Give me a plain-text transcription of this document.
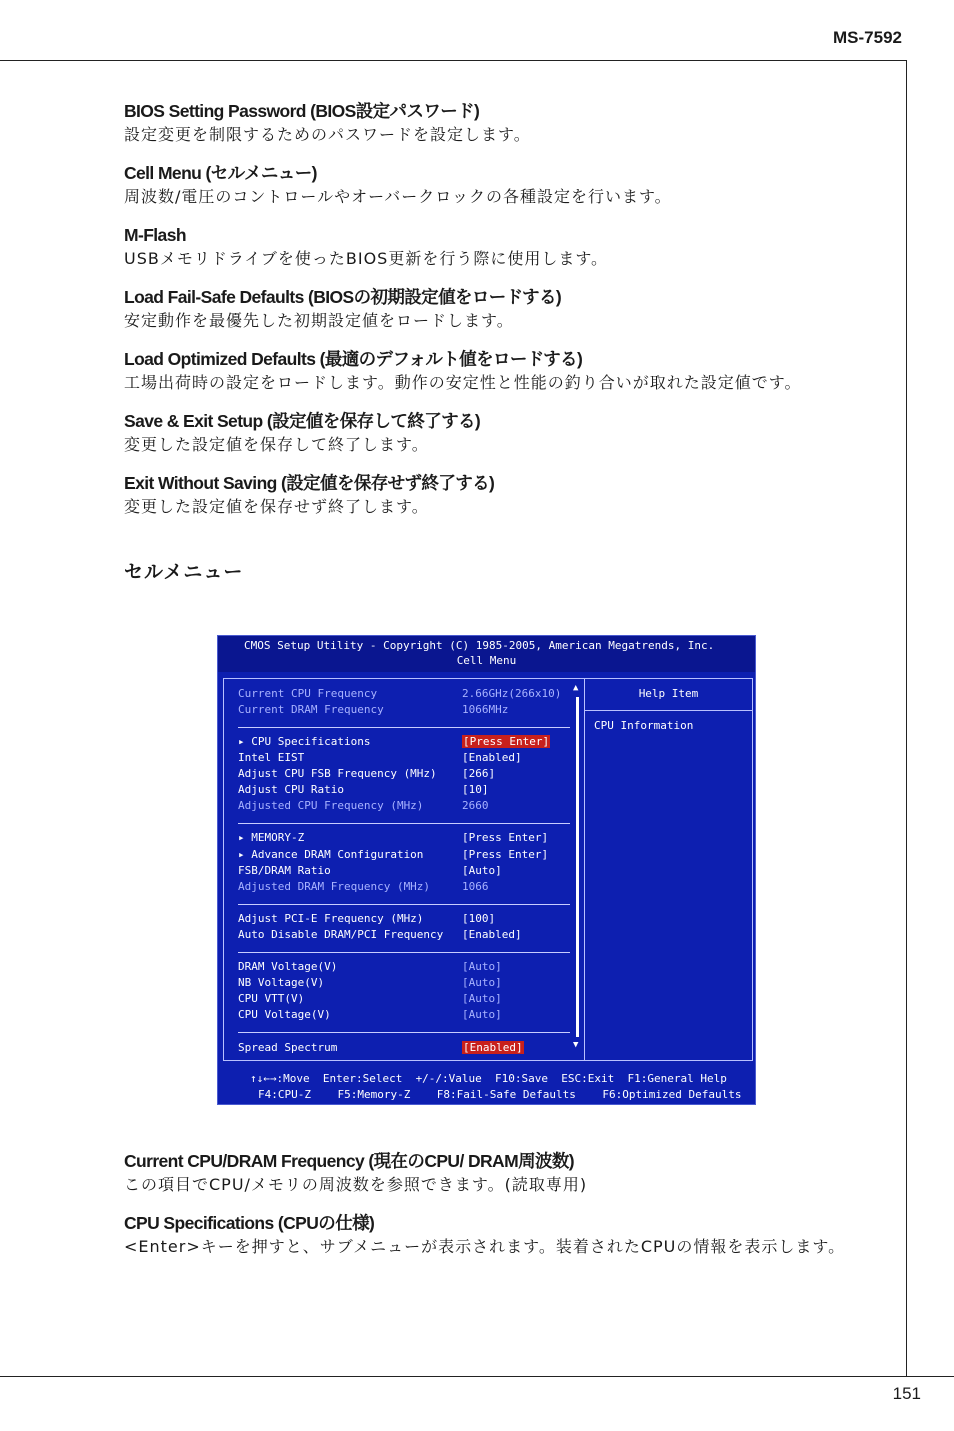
MS-7592
151
BIOS Setting Password (BIOS設定パスワード)
設定変更を制限するためのパスワードを設定します。
Cell Menu (セルメニュー)
周波数/電圧のコントロールやオーバークロックの各種設定を行います。
M-Flash
USBメモリドライブを使ったBIOS更新を行う際に使用します。
Load Fail-Safe Defaults (BIOSの初期設定値をロードする)
安定動作を最優先した初期設定値をロードします。
Load Optimized Defaults (最適のデフォルト値をロードする)
工場出荷時の設定をロードします。動作の安定性と性能の釣り合いが取れた設定値です。
Save & Exit Setup (設定値を保存して終了する)
変更した設定値を保存して終了します。
Exit Without Saving (設定値を保存せず終了する)
変更した設定値を保存せず終了します。
セルメニュー
CMOS Setup Utility - Copyright (C) 1985-2005, American Megatrends, Inc.
Cell Menu
Current CPU Frequency	2.66GHz(266x10)
Current DRAM Frequency	1066MHz
▸ CPU Specifications	[Press Enter]
Intel EIST	[Enabled]
Adjust CPU FSB Frequency (MHz) [266]
Adjust CPU Ratio	[10]
Adjusted CPU Frequency (MHz)	2660
▸ MEMORY-Z	[Press Enter]
▸ Advance DRAM Configuration	[Press Enter]
FSB/DRAM Ratio	[Auto]
Adjusted DRAM Frequency (MHz)	1066
Adjust PCI-E Frequency (MHz)	[100]
Auto Disable DRAM/PCI Frequency [Enabled]
DRAM Voltage(V)	[Auto]
NB Voltage(V)	[Auto]
CPU VTT(V)	[Auto]
CPU Voltage(V)	[Auto]
Spread Spectrum	[Enabled]
▲
▼
Help Item
CPU Information
↑↓←→:Move  Enter:Select  +/-/:Value  F10:Save  ESC:Exit  F1:General Help
F4:CPU-Z    F5:Memory-Z    F8:Fail-Safe Defaults    F6:Optimized Defaults
Current CPU/DRAM Frequency (現在のCPU/ DRAM周波数)
この項目でCPU/メモリの周波数を参照できます。(読取専用)
CPU Specifications (CPUの仕様)
<Enter>キーを押すと、サブメニューが表示されます。装着されたCPUの情報を表示します。
